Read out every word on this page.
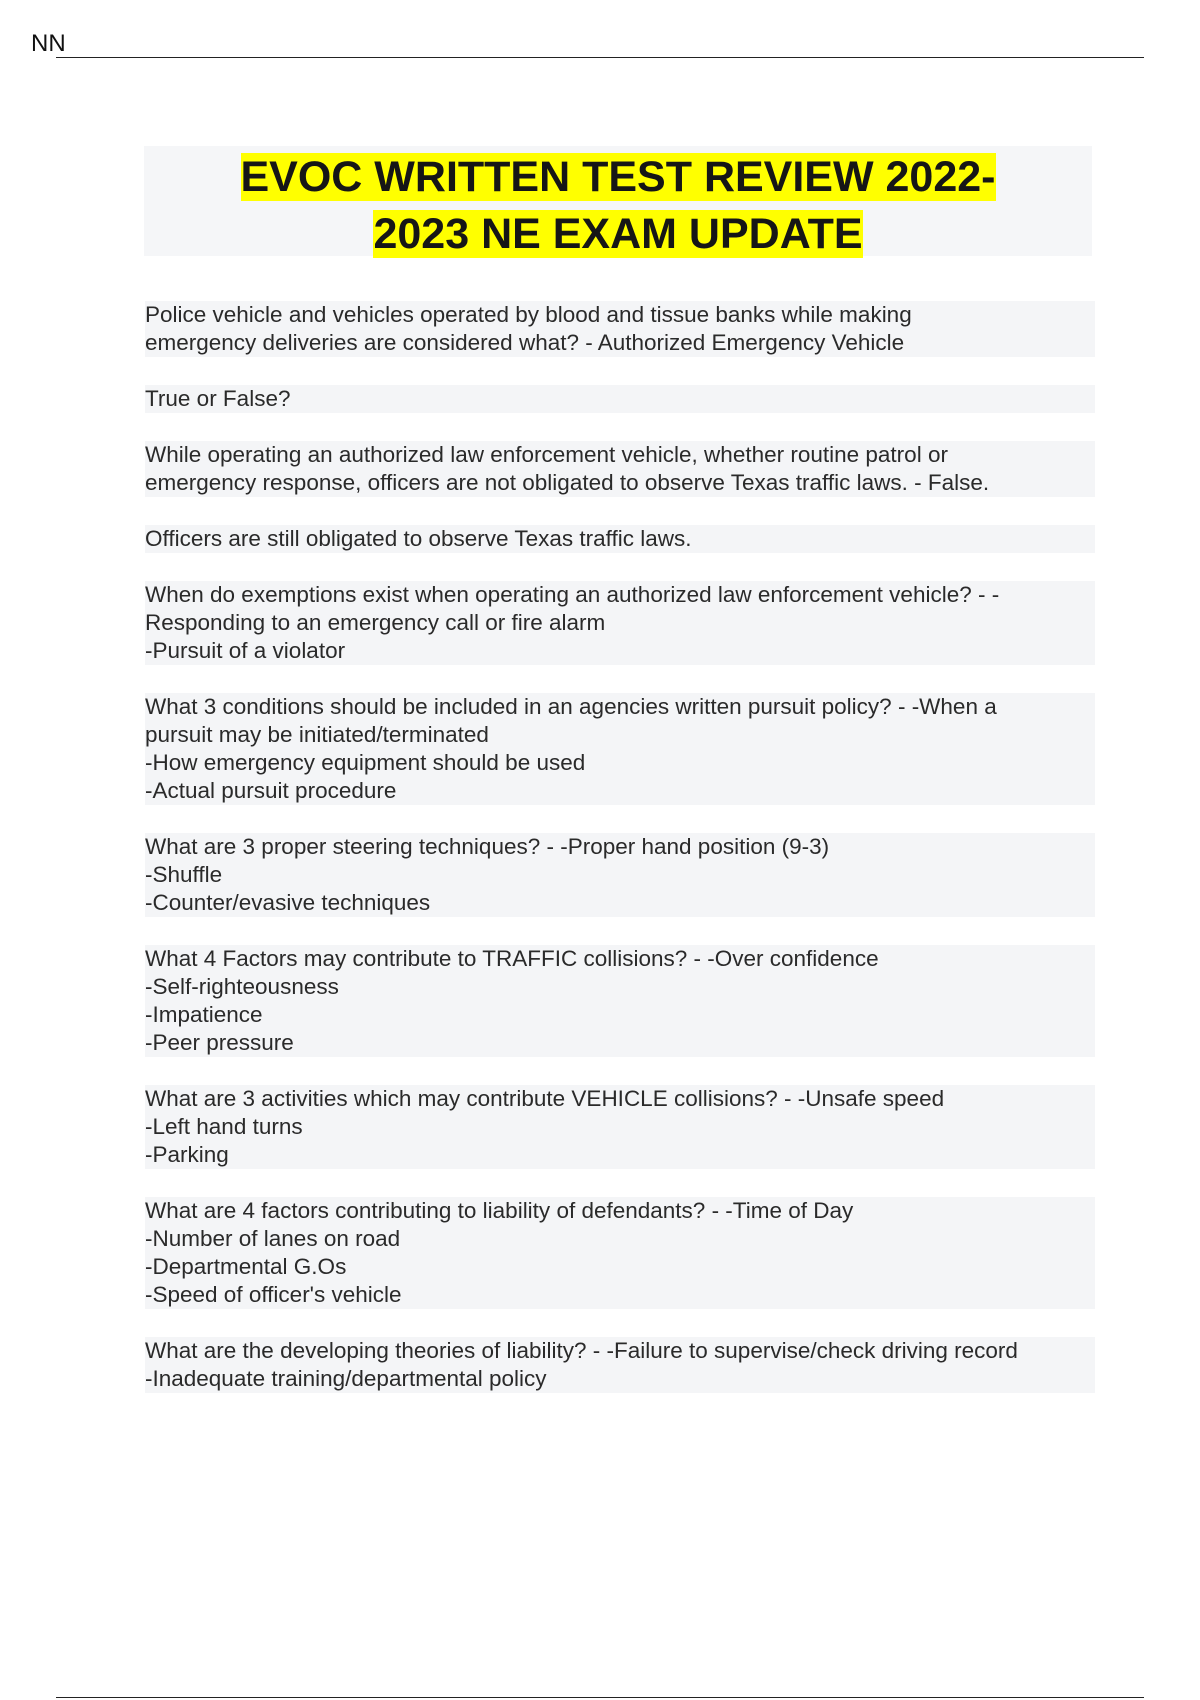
NN
EVOC WRITTEN TEST REVIEW 2022-
2023 NE EXAM UPDATE

Police vehicle and vehicles operated by blood and tissue banks while making
emergency deliveries are considered what? - Authorized Emergency Vehicle

True or False?

While operating an authorized law enforcement vehicle, whether routine patrol or
emergency response, officers are not obligated to observe Texas traffic laws. - False.

Officers are still obligated to observe Texas traffic laws.

When do exemptions exist when operating an authorized law enforcement vehicle? - -
Responding to an emergency call or fire alarm
-Pursuit of a violator

What 3 conditions should be included in an agencies written pursuit policy? - -When a
pursuit may be initiated/terminated
-How emergency equipment should be used
-Actual pursuit procedure

What are 3 proper steering techniques? - -Proper hand position (9-3)
-Shuffle
-Counter/evasive techniques

What 4 Factors may contribute to TRAFFIC collisions? - -Over confidence
-Self-righteousness
-Impatience
-Peer pressure

What are 3 activities which may contribute VEHICLE collisions? - -Unsafe speed
-Left hand turns
-Parking

What are 4 factors contributing to liability of defendants? - -Time of Day
-Number of lanes on road
-Departmental G.Os
-Speed of officer's vehicle

What are the developing theories of liability? - -Failure to supervise/check driving record
-Inadequate training/departmental policy
